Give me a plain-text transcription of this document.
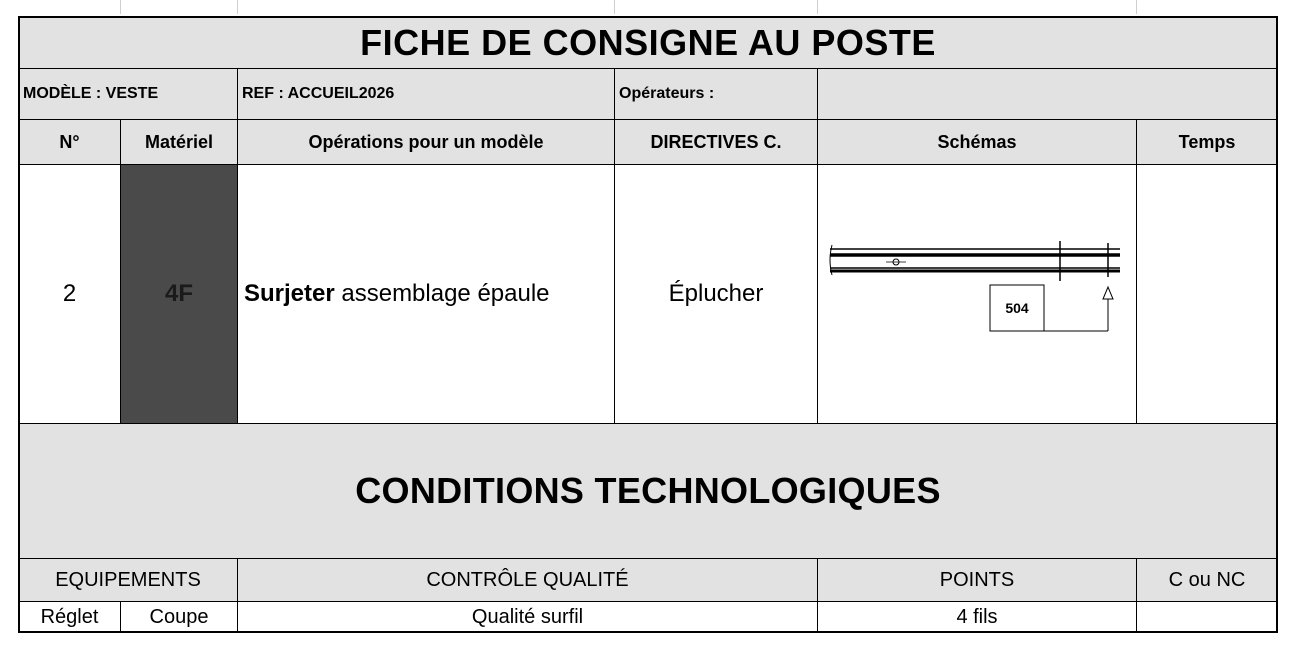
FICHE DE CONSIGNE AU POSTE
MODÈLE : VESTE	REF : ACCUEIL2026	Opérateurs :
N°	Matériel	Opérations pour un modèle	DIRECTIVES C.	Schémas	Temps
2	4F	Surjeter assemblage épaule	Éplucher
504
CONDITIONS TECHNOLOGIQUES
EQUIPEMENTS	CONTRÔLE QUALITÉ	POINTS	C ou NC
Réglet	Coupe	Qualité surfil	4 fils
